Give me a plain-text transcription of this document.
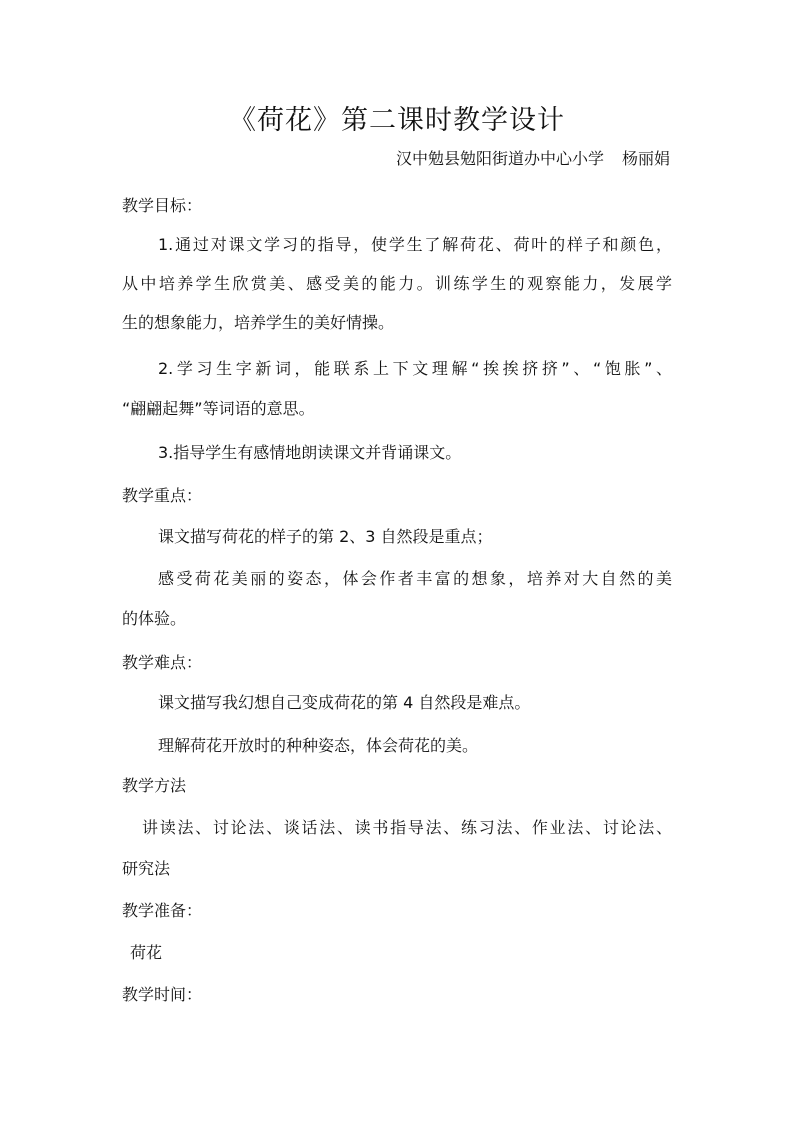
《荷花》第二课时教学设计
汉中勉县勉阳街道办中心小学 杨丽娟
教学目标：
1.通过对课文学习的指导，使学生了解荷花、荷叶的样子和颜色，
从中培养学生欣赏美、感受美的能力。训练学生的观察能力，发展学
生的想象能力，培养学生的美好情操。
2.学习生字新词，能联系上下文理解“挨挨挤挤”、“饱胀”、
“翩翩起舞”等词语的意思。
3.指导学生有感情地朗读课文并背诵课文。
教学重点：
课文描写荷花的样子的第 2、3 自然段是重点；
感受荷花美丽的姿态，体会作者丰富的想象，培养对大自然的美
的体验。
教学难点：
课文描写我幻想自己变成荷花的第 4 自然段是难点。
理解荷花开放时的种种姿态，体会荷花的美。
教学方法
讲读法、讨论法、谈话法、读书指导法、练习法、作业法、讨论法、
研究法
教学准备：
荷花
教学时间：
